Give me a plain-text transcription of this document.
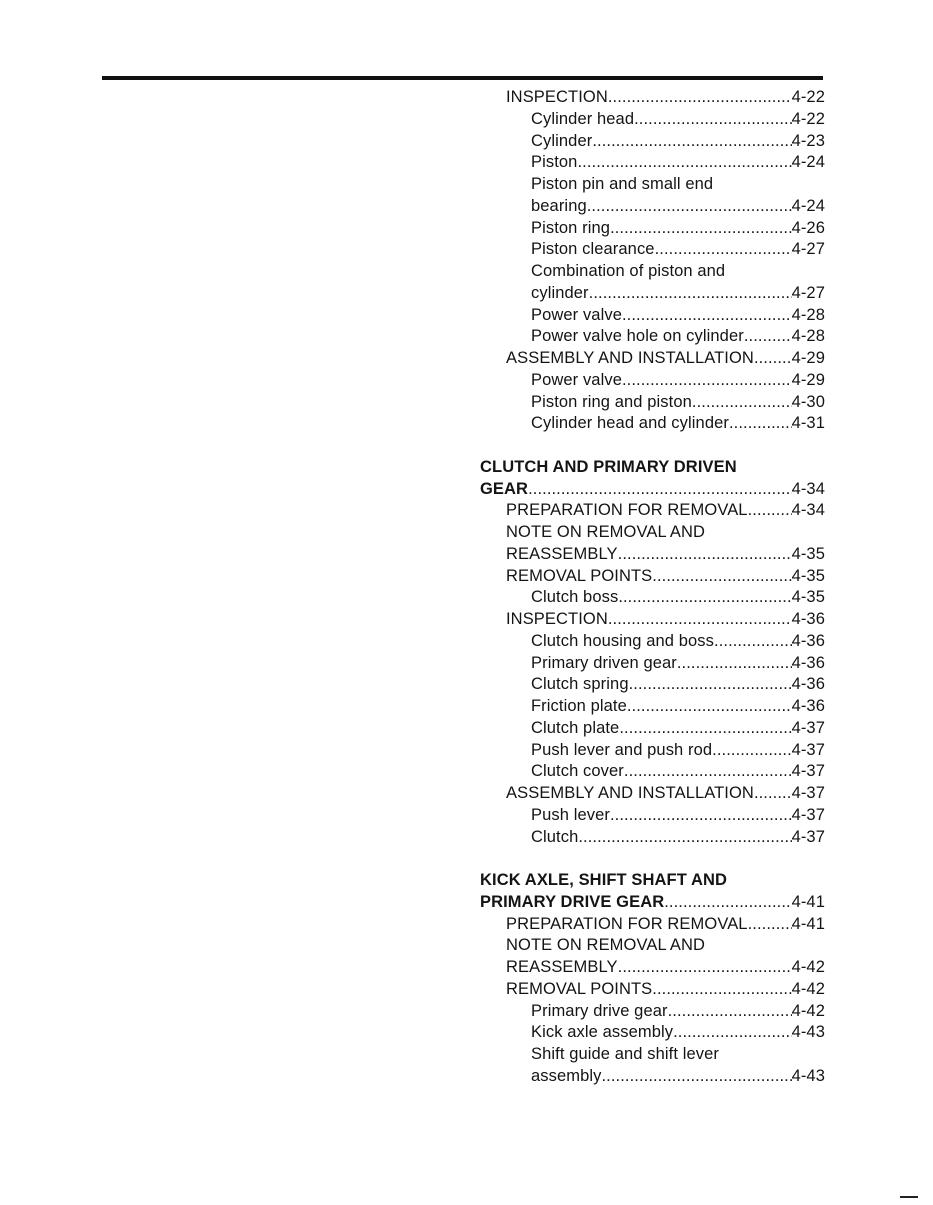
INSPECTION .....	4-22
Cylinder head .....	4-22
Cylinder .....	4-23
Piston .....	4-24
Piston pin and small end
bearing .....	4-24
Piston ring .....	4-26
Piston clearance .....	4-27
Combination of piston and
cylinder .....	4-27
Power valve .....	4-28
Power valve hole on cylinder .....	4-28
ASSEMBLY AND INSTALLATION ..... 4-29
Power valve .....	4-29
Piston ring and piston .....	4-30
Cylinder head and cylinder .....	4-31
CLUTCH AND PRIMARY DRIVEN
GEAR .....	4-34
PREPARATION FOR REMOVAL .....	4-34
NOTE ON REMOVAL AND
REASSEMBLY .....	4-35
REMOVAL POINTS .....	4-35
Clutch boss .....	4-35
INSPECTION .....	4-36
Clutch housing and boss .....	4-36
Primary driven gear .....	4-36
Clutch spring .....	4-36
Friction plate .....	4-36
Clutch plate .....	4-37
Push lever and push rod .....	4-37
Clutch cover .....	4-37
ASSEMBLY AND INSTALLATION ..... 4-37
Push lever .....	4-37
Clutch .....	4-37
KICK AXLE, SHIFT SHAFT AND
PRIMARY DRIVE GEAR .....	4-41
PREPARATION FOR REMOVAL .....	4-41
NOTE ON REMOVAL AND
REASSEMBLY .....	4-42
REMOVAL POINTS .....	4-42
Primary drive gear .....	4-42
Kick axle assembly .....	4-43
Shift guide and shift lever
assembly .....	4-43
